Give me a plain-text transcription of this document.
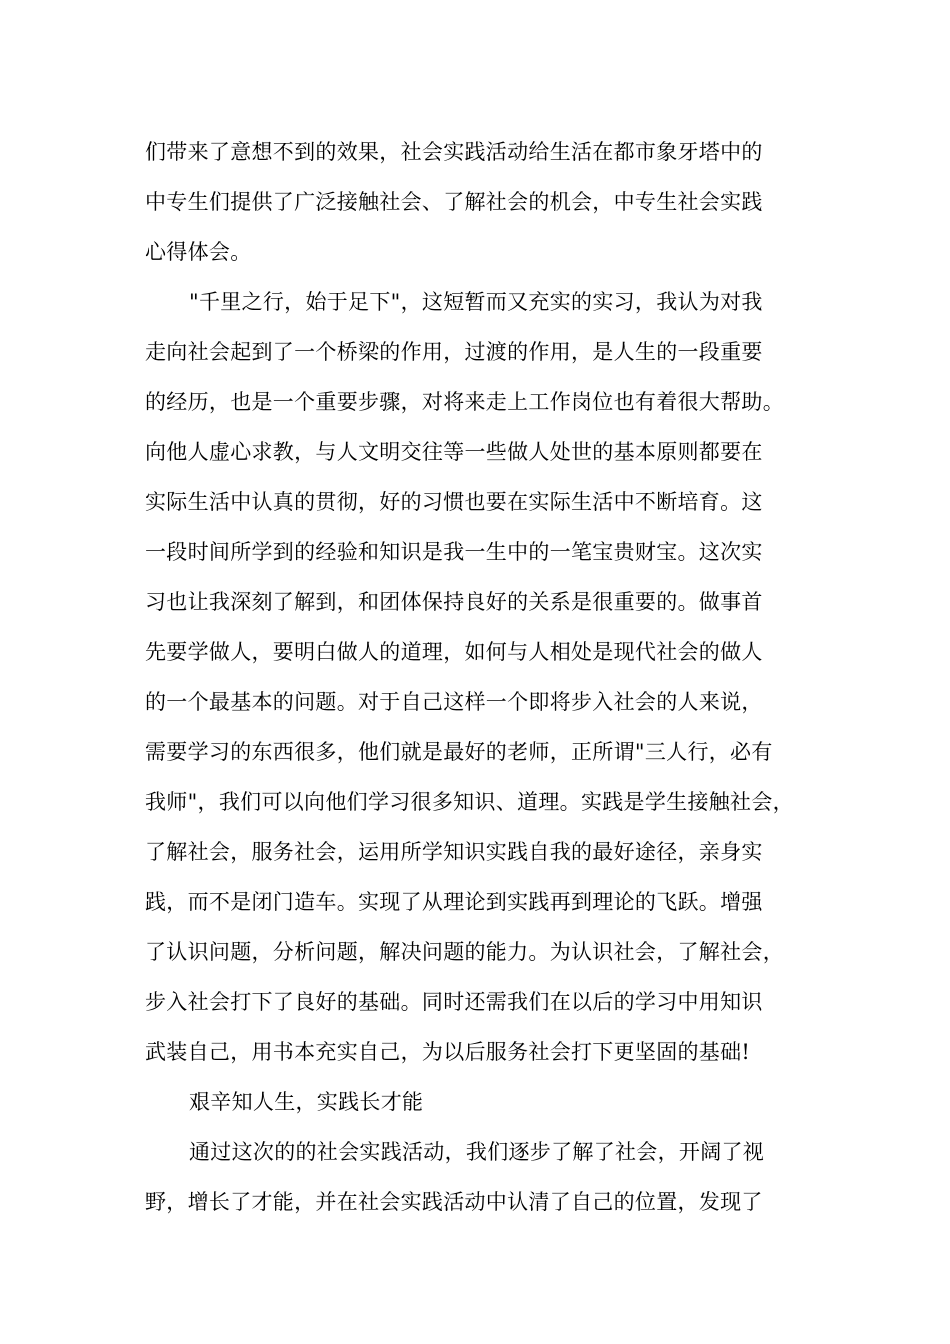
们带来了意想不到的效果，社会实践活动给生活在都市象牙塔中的
中专生们提供了广泛接触社会、了解社会的机会，中专生社会实践
心得体会。
"千里之行，始于足下"，这短暂而又充实的实习，我认为对我
走向社会起到了一个桥梁的作用，过渡的作用，是人生的一段重要
的经历，也是一个重要步骤，对将来走上工作岗位也有着很大帮助。
向他人虚心求教，与人文明交往等一些做人处世的基本原则都要在
实际生活中认真的贯彻，好的习惯也要在实际生活中不断培育。这
一段时间所学到的经验和知识是我一生中的一笔宝贵财宝。这次实
习也让我深刻了解到，和团体保持良好的关系是很重要的。做事首
先要学做人，要明白做人的道理，如何与人相处是现代社会的做人
的一个最基本的问题。对于自己这样一个即将步入社会的人来说，
需要学习的东西很多，他们就是最好的老师，正所谓"三人行，必有
我师"，我们可以向他们学习很多知识、道理。实践是学生接触社会，
了解社会，服务社会，运用所学知识实践自我的最好途径，亲身实
践，而不是闭门造车。实现了从理论到实践再到理论的飞跃。增强
了认识问题，分析问题，解决问题的能力。为认识社会，了解社会，
步入社会打下了良好的基础。同时还需我们在以后的学习中用知识
武装自己，用书本充实自己，为以后服务社会打下更坚固的基础!
艰辛知人生，实践长才能
通过这次的的社会实践活动，我们逐步了解了社会，开阔了视
野，增长了才能，并在社会实践活动中认清了自己的位置，发现了
